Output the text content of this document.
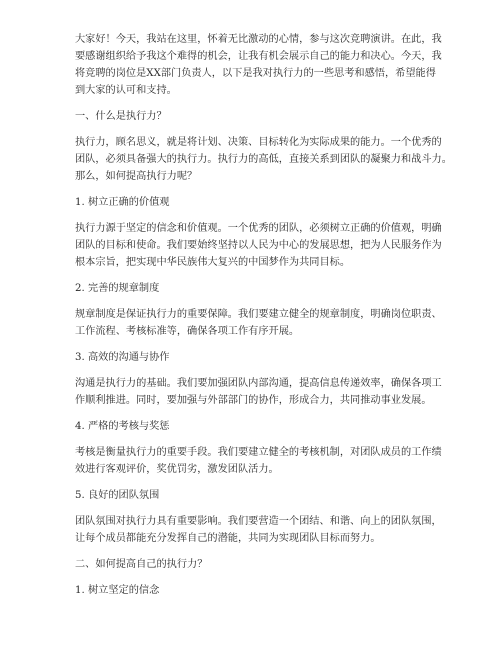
大家好！今天，我站在这里，怀着无比激动的心情，参与这次竞聘演讲。在此，我
要感谢组织给予我这个难得的机会，让我有机会展示自己的能力和决心。今天，我
将竞聘的岗位是XX部门负责人，以下是我对执行力的一些思考和感悟，希望能得
到大家的认可和支持。
一、什么是执行力？
执行力，顾名思义，就是将计划、决策、目标转化为实际成果的能力。一个优秀的
团队，必须具备强大的执行力。执行力的高低，直接关系到团队的凝聚力和战斗力。
那么，如何提高执行力呢？
1. 树立正确的价值观
执行力源于坚定的信念和价值观。一个优秀的团队，必须树立正确的价值观，明确
团队的目标和使命。我们要始终坚持以人民为中心的发展思想，把为人民服务作为
根本宗旨，把实现中华民族伟大复兴的中国梦作为共同目标。
2. 完善的规章制度
规章制度是保证执行力的重要保障。我们要建立健全的规章制度，明确岗位职责、
工作流程、考核标准等，确保各项工作有序开展。
3. 高效的沟通与协作
沟通是执行力的基础。我们要加强团队内部沟通，提高信息传递效率，确保各项工
作顺利推进。同时，要加强与外部部门的协作，形成合力，共同推动事业发展。
4. 严格的考核与奖惩
考核是衡量执行力的重要手段。我们要建立健全的考核机制，对团队成员的工作绩
效进行客观评价，奖优罚劣，激发团队活力。
5. 良好的团队氛围
团队氛围对执行力具有重要影响。我们要营造一个团结、和谐、向上的团队氛围，
让每个成员都能充分发挥自己的潜能，共同为实现团队目标而努力。
二、如何提高自己的执行力？
1. 树立坚定的信念
